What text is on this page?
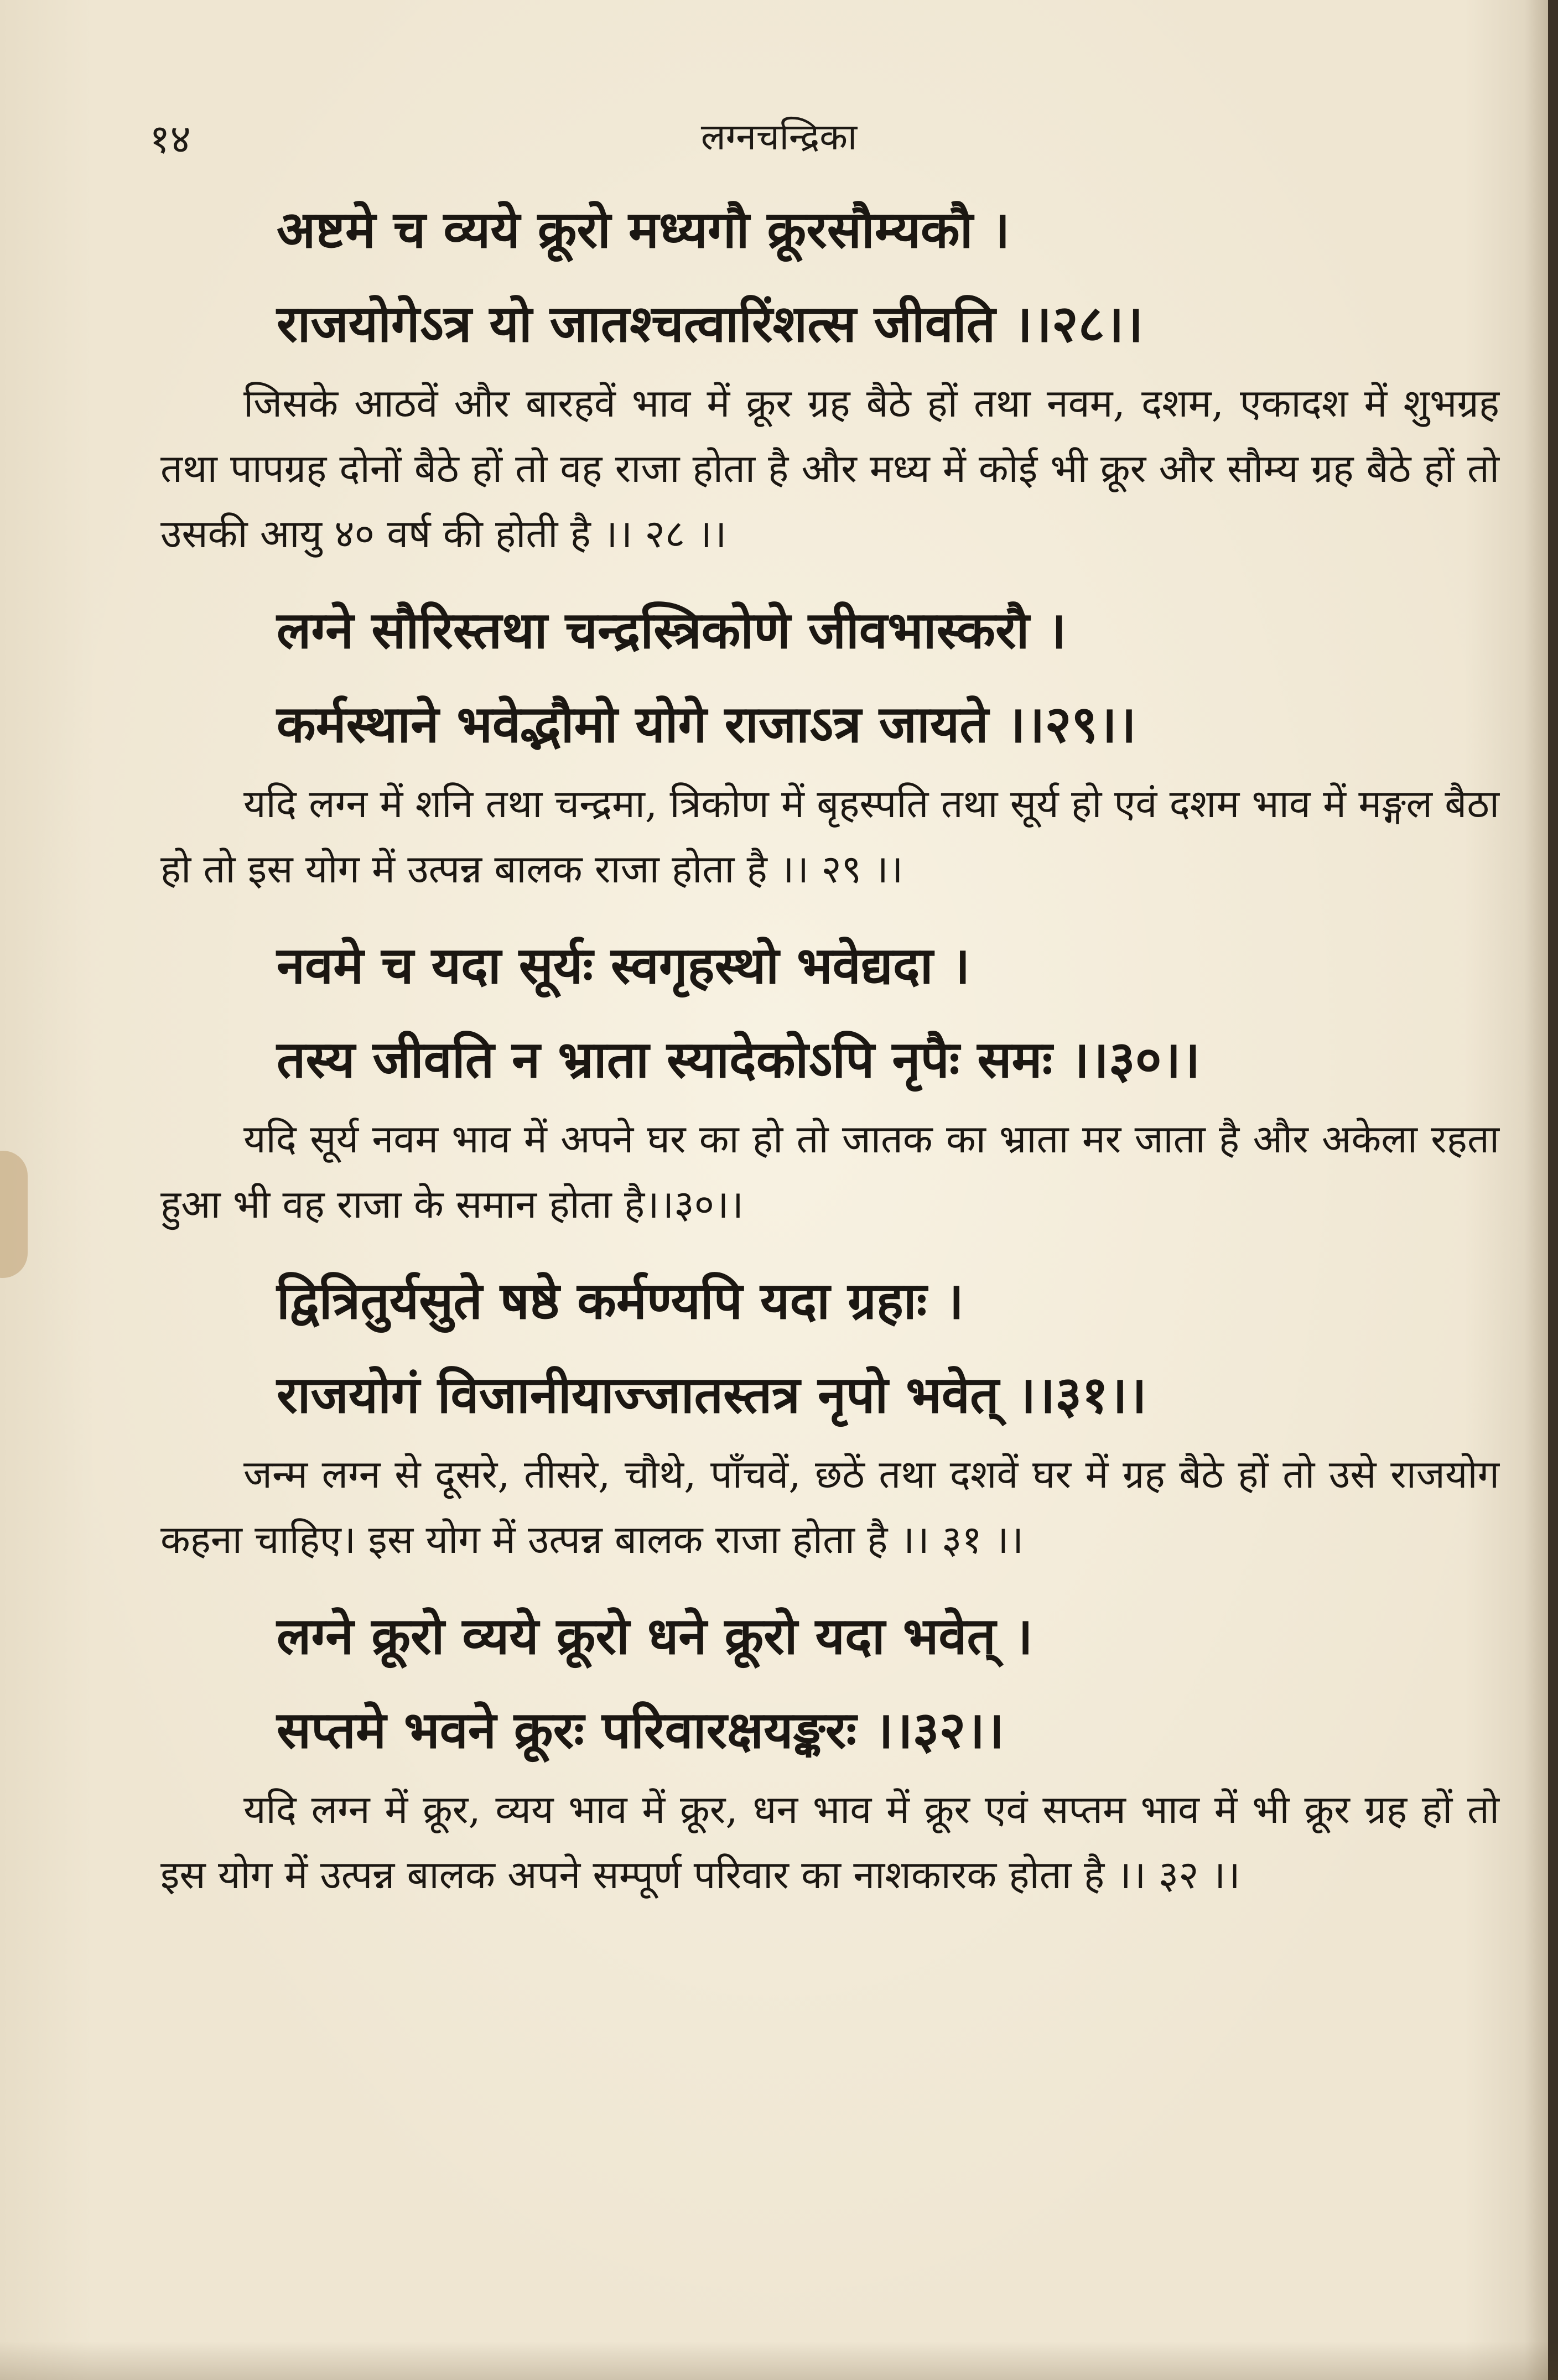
१४	लग्नचन्द्रिका
अष्टमे च व्यये क्रूरो मध्यगौ क्रूरसौम्यकौ ।
राजयोगेऽत्र यो जातश्चत्वारिंशत्स जीवति ।।२८।।

जिसके आठवें और बारहवें भाव में क्रूर ग्रह बैठे हों तथा नवम, दशम, एकादश में शुभग्रह तथा पापग्रह दोनों बैठे हों तो वह राजा होता है और मध्य में कोई भी क्रूर और सौम्य ग्रह बैठे हों तो उसकी आयु ४० वर्ष की होती है ।। २८ ।।

लग्ने सौरिस्तथा चन्द्रस्त्रिकोणे जीवभास्करौ ।
कर्मस्थाने भवेद्भौमो योगे राजाऽत्र जायते ।।२९।।

यदि लग्न में शनि तथा चन्द्रमा, त्रिकोण में बृहस्पति तथा सूर्य हो एवं दशम भाव में मङ्गल बैठा हो तो इस योग में उत्पन्न बालक राजा होता है ।। २९ ।।

नवमे च यदा सूर्यः स्वगृहस्थो भवेद्यदा ।
तस्य जीवति न भ्राता स्यादेकोऽपि नृपैः समः ।।३०।।

यदि सूर्य नवम भाव में अपने घर का हो तो जातक का भ्राता मर जाता है और अकेला रहता हुआ भी वह राजा के समान होता है।।३०।।

द्वित्रितुर्यसुते षष्ठे कर्मण्यपि यदा ग्रहाः ।
राजयोगं विजानीयाज्जातस्तत्र नृपो भवेत् ।।३१।।

जन्म लग्न से दूसरे, तीसरे, चौथे, पाँचवें, छठें तथा दशवें घर में ग्रह बैठे हों तो उसे राजयोग कहना चाहिए। इस योग में उत्पन्न बालक राजा होता है ।। ३१ ।।

लग्ने क्रूरो व्यये क्रूरो धने क्रूरो यदा भवेत् ।
सप्तमे भवने क्रूरः परिवारक्षयङ्करः ।।३२।।

यदि लग्न में क्रूर, व्यय भाव में क्रूर, धन भाव में क्रूर एवं सप्तम भाव में भी क्रूर ग्रह हों तो इस योग में उत्पन्न बालक अपने सम्पूर्ण परिवार का नाशकारक होता है ।। ३२ ।।
